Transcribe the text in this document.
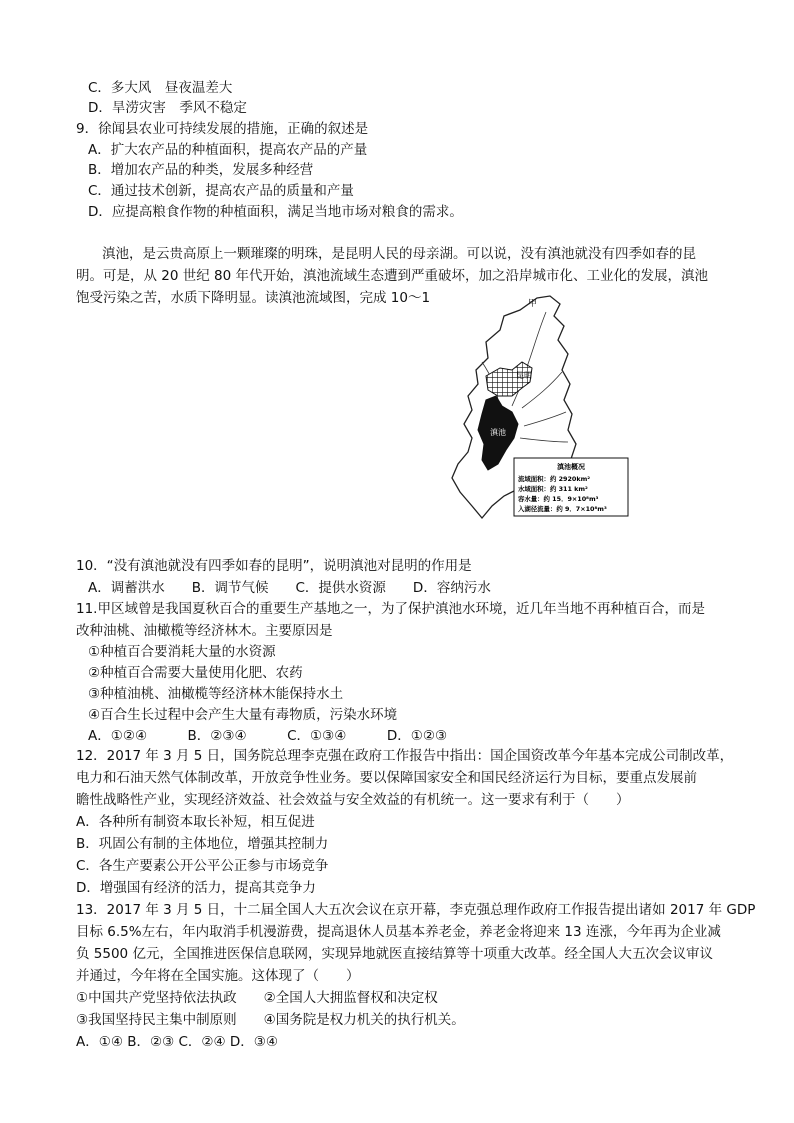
C．多大风　昼夜温差大
D．旱涝灾害　季风不稳定
9．徐闻县农业可持续发展的措施，正确的叙述是
A．扩大农产品的种植面积，提高农产品的产量
B．增加农产品的种类，发展多种经营
C．通过技术创新，提高农产品的质量和产量
D．应提高粮食作物的种植面积，满足当地市场对粮食的需求。
滇池，是云贵高原上一颗璀璨的明珠，是昆明人民的母亲湖。可以说，没有滇池就没有四季如春的昆
明。可是，从 20 世纪 80 年代开始，滇池流域生态遭到严重破坏，加之沿岸城市化、工业化的发展，滇池
饱受污染之苦，水质下降明显。读滇池流域图，完成 10～1	甲
昆明
滇池
滇池概况
流域面积：约 2920km²
水域面积：约 311 km²
容水量：约 15．9×10⁸m³
入湖径流量：约 9．7×10⁸m³
10．“没有滇池就没有四季如春的昆明”，说明滇池对昆明的作用是
A．调蓄洪水　　B．调节气候　　C．提供水资源　　D．容纳污水
11.甲区域曾是我国夏秋百合的重要生产基地之一，为了保护滇池水环境，近几年当地不再种植百合，而是
改种油桃、油橄榄等经济林木。主要原因是
①种植百合要消耗大量的水资源
②种植百合需要大量使用化肥、农药
③种植油桃、油橄榄等经济林木能保持水土
④百合生长过程中会产生大量有毒物质，污染水环境
A．①②④　　　B．②③④　　　C．①③④　　　D．①②③
12．2017 年 3 月 5 日，国务院总理李克强在政府工作报告中指出：国企国资改革今年基本完成公司制改革，
电力和石油天然气体制改革，开放竞争性业务。要以保障国家安全和国民经济运行为目标，要重点发展前
瞻性战略性产业，实现经济效益、社会效益与安全效益的有机统一。这一要求有利于（　　）
A．各种所有制资本取长补短，相互促进
B．巩固公有制的主体地位，增强其控制力
C．各生产要素公开公平公正参与市场竞争
D．增强国有经济的活力，提高其竞争力
13．2017 年 3 月 5 日，十二届全国人大五次会议在京开幕，李克强总理作政府工作报告提出诸如 2017 年 GDP
目标 6.5%左右，年内取消手机漫游费，提高退休人员基本养老金，养老金将迎来 13 连涨，今年再为企业减
负 5500 亿元，全国推进医保信息联网，实现异地就医直接结算等十项重大改革。经全国人大五次会议审议
并通过，今年将在全国实施。这体现了（　　）
①中国共产党坚持依法执政　　②全国人大拥监督权和决定权
③我国坚持民主集中制原则　　④国务院是权力机关的执行机关。
A．①④ B．②③ C．②④ D．③④
